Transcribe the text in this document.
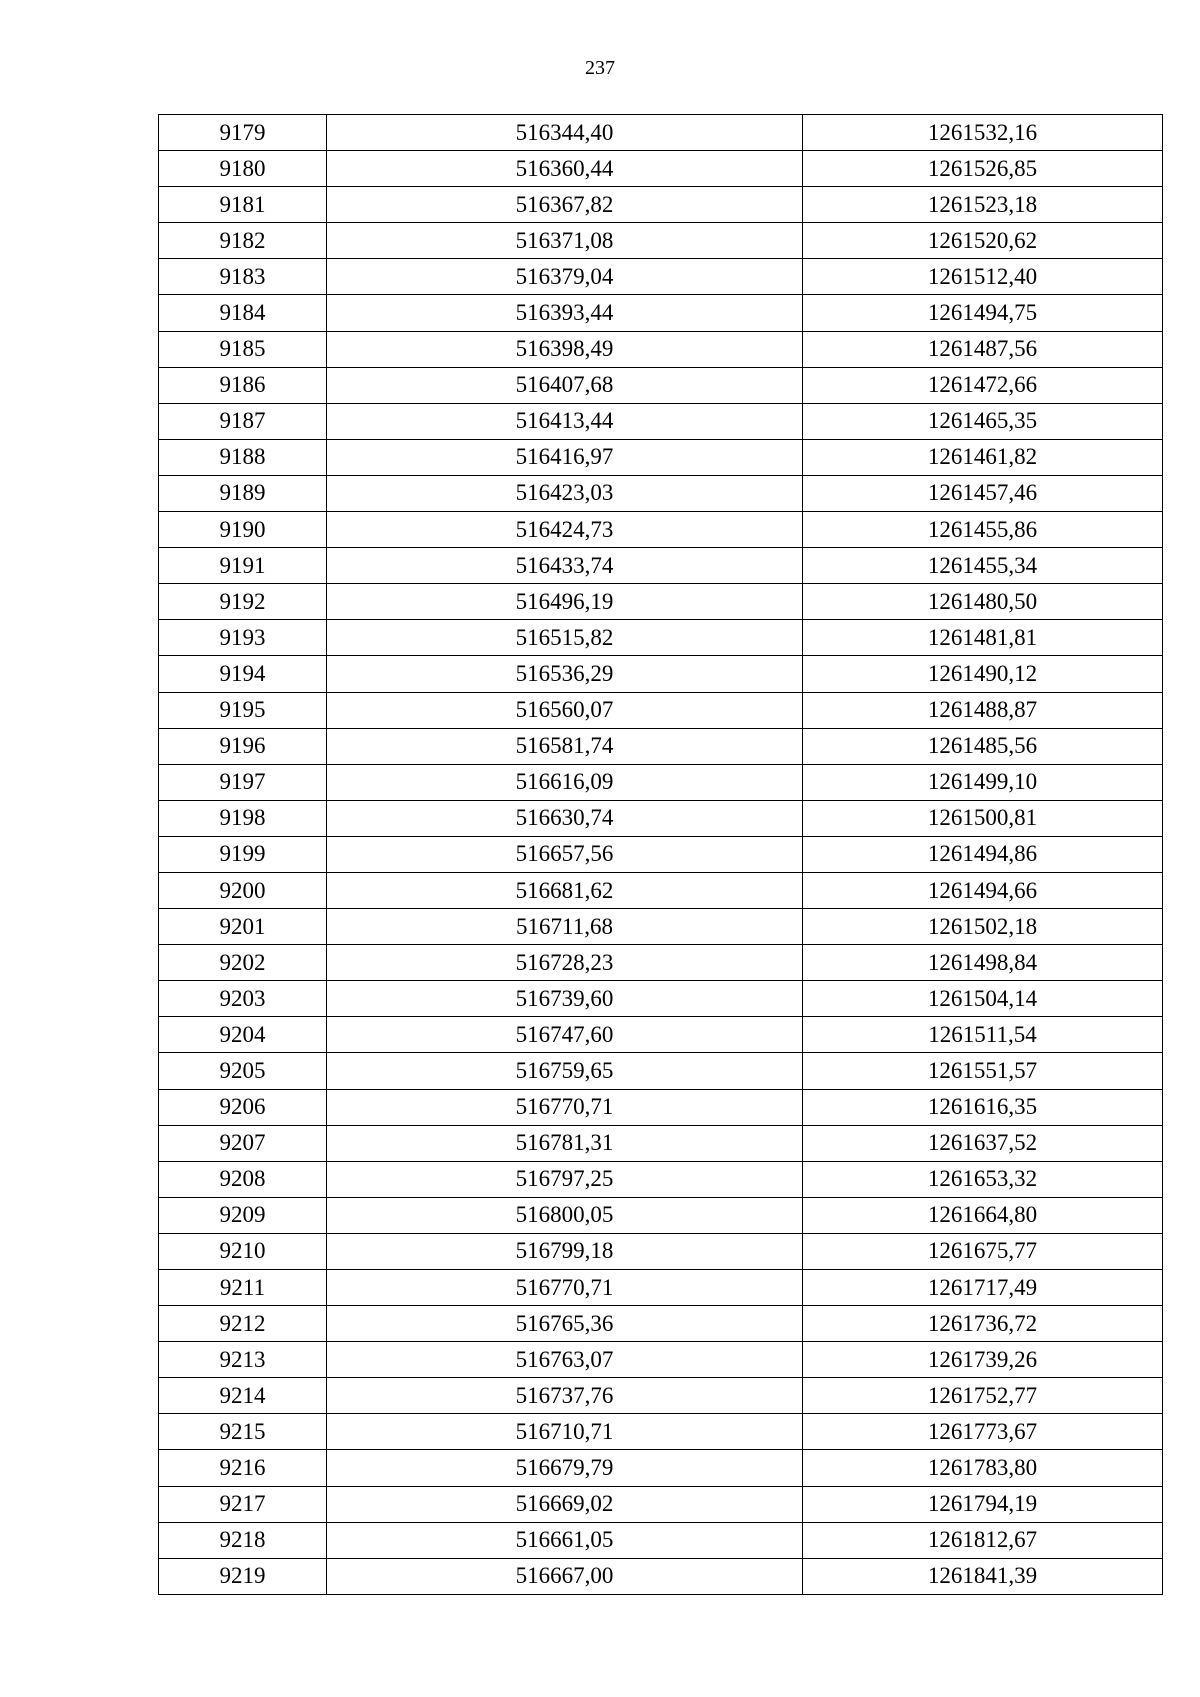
237
9179	516344,40	1261532,16
9180	516360,44	1261526,85
9181	516367,82	1261523,18
9182	516371,08	1261520,62
9183	516379,04	1261512,40
9184	516393,44	1261494,75
9185	516398,49	1261487,56
9186	516407,68	1261472,66
9187	516413,44	1261465,35
9188	516416,97	1261461,82
9189	516423,03	1261457,46
9190	516424,73	1261455,86
9191	516433,74	1261455,34
9192	516496,19	1261480,50
9193	516515,82	1261481,81
9194	516536,29	1261490,12
9195	516560,07	1261488,87
9196	516581,74	1261485,56
9197	516616,09	1261499,10
9198	516630,74	1261500,81
9199	516657,56	1261494,86
9200	516681,62	1261494,66
9201	516711,68	1261502,18
9202	516728,23	1261498,84
9203	516739,60	1261504,14
9204	516747,60	1261511,54
9205	516759,65	1261551,57
9206	516770,71	1261616,35
9207	516781,31	1261637,52
9208	516797,25	1261653,32
9209	516800,05	1261664,80
9210	516799,18	1261675,77
9211	516770,71	1261717,49
9212	516765,36	1261736,72
9213	516763,07	1261739,26
9214	516737,76	1261752,77
9215	516710,71	1261773,67
9216	516679,79	1261783,80
9217	516669,02	1261794,19
9218	516661,05	1261812,67
9219	516667,00	1261841,39
